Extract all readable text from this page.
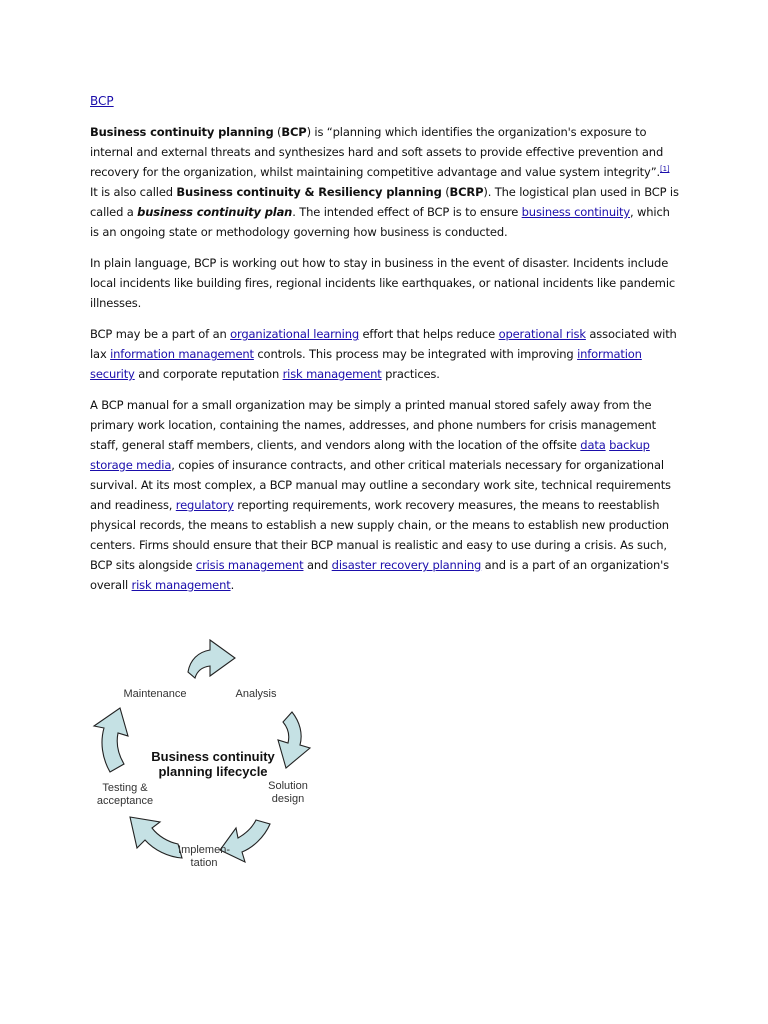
BCP

Business continuity planning (BCP) is “planning which identifies the organization's exposure to internal and external threats and synthesizes hard and soft assets to provide effective prevention and recovery for the organization, whilst maintaining competitive advantage and value system integrity”.[1] It is also called Business continuity & Resiliency planning (BCRP). The logistical plan used in BCP is called a business continuity plan. The intended effect of BCP is to ensure business continuity, which is an ongoing state or methodology governing how business is conducted.

In plain language, BCP is working out how to stay in business in the event of disaster. Incidents include local incidents like building fires, regional incidents like earthquakes, or national incidents like pandemic illnesses.

BCP may be a part of an organizational learning effort that helps reduce operational risk associated with lax information management controls. This process may be integrated with improving information security and corporate reputation risk management practices.

A BCP manual for a small organization may be simply a printed manual stored safely away from the primary work location, containing the names, addresses, and phone numbers for crisis management staff, general staff members, clients, and vendors along with the location of the offsite data backup storage media, copies of insurance contracts, and other critical materials necessary for organizational survival. At its most complex, a BCP manual may outline a secondary work site, technical requirements and readiness, regulatory reporting requirements, work recovery measures, the means to reestablish physical records, the means to establish a new supply chain, or the means to establish new production centers. Firms should ensure that their BCP manual is realistic and easy to use during a crisis. As such, BCP sits alongside crisis management and disaster recovery planning and is a part of an organization's overall risk management.

Business continuity
planning lifecycle
Maintenance	Analysis
Solution
design
Implemen-
tation
Testing &
acceptance
